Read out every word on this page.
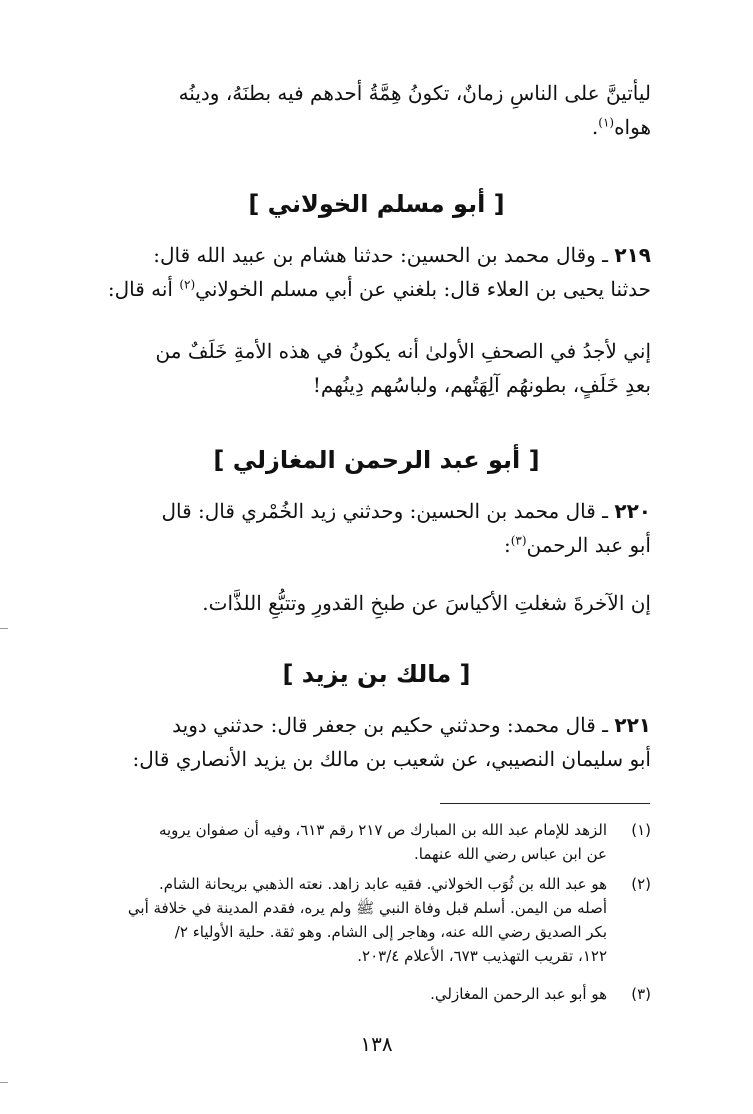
ليأتينَّ على الناسِ زمانٌ، تكونُ هِمَّةُ أحدهم فيه بطنَهُ، ودينُه
هواه$^{(١)}$.
[ أبو مسلم الخولاني ]
٢١٩ ـ وقال محمد بن الحسين: حدثنا هشام بن عبيد الله قال:
حدثنا يحيى بن العلاء قال: بلغني عن أبي مسلم الخولاني$^{(٢)}$ أنه قال:
إني لأجدُ في الصحفِ الأولىٰ أنه يكونُ في هذه الأمةِ خَلَفٌ من
بعدِ خَلَفٍ، بطونهُم آلِهَتُهم، ولباسُهم دِينُهم!
[ أبو عبد الرحمن المغازلي ]
٢٢٠ ـ قال محمد بن الحسين: وحدثني زيد الخُمْري قال: قال
أبو عبد الرحمن$^{(٣)}$:
إن الآخرةَ شغلتِ الأكياسَ عن طبخِ القدورِ وتتبُّعِ اللذَّات.
[ مالك بن يزيد ]
٢٢١ ـ قال محمد: وحدثني حكيم بن جعفر قال: حدثني دويد
أبو سليمان النصيبي، عن شعيب بن مالك بن يزيد الأنصاري قال:
(١)
الزهد للإمام عبد الله بن المبارك ص ٢١٧ رقم ٦١٣، وفيه أن صفوان يرويه
عن ابن عباس رضي الله عنهما.
(٢)
هو عبد الله بن ثُوَب الخولاني. فقيه عابد زاهد. نعته الذهبي بريحانة الشام.
أصله من اليمن. أسلم قبل وفاة النبي ﷺ ولم يره، فقدم المدينة في خلافة أبي
بكر الصديق رضي الله عنه، وهاجر إلى الشام. وهو ثقة. حلية الأولياء ٢/
١٢٢، تقريب التهذيب ٦٧٣، الأعلام ٢٠٣/٤.
(٣)
هو أبو عبد الرحمن المغازلي.
١٣٨
